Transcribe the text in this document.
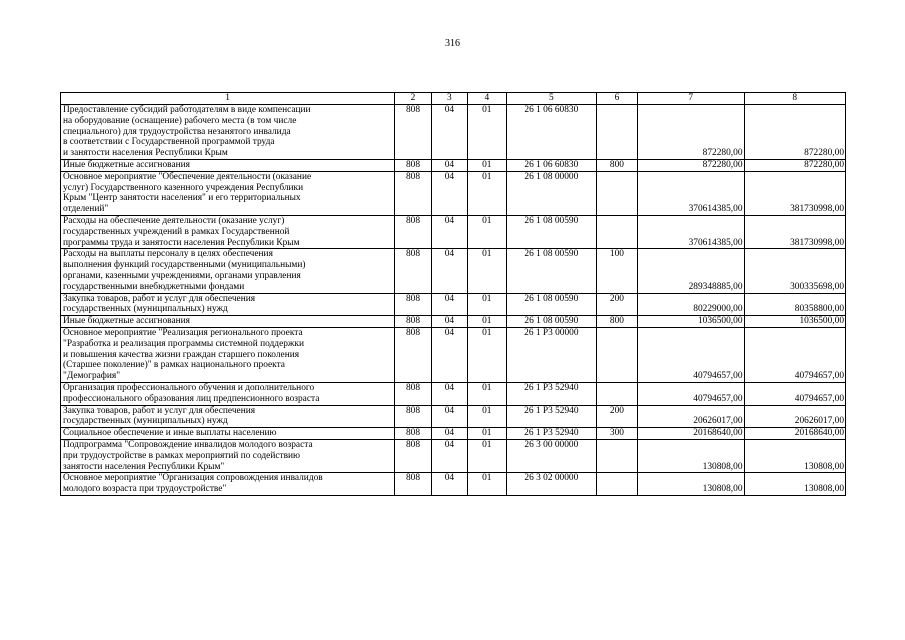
316
1	2	3	4	5	6	7	8
Предоставление субсидий работодателям в виде компенсации
на оборудование (оснащение) рабочего места (в том числе
специального) для трудоустройства незанятого инвалида
в соответствии с Государственной программой труда
и занятости населения Республики Крым	808	04	01	26 1 06 60830		872280,00	872280,00
Иные бюджетные ассигнования	808	04	01	26 1 06 60830	800	872280,00	872280,00
Основное мероприятие "Обеспечение деятельности (оказание
услуг) Государственного казенного учреждения Республики
Крым "Центр занятости населения" и его территориальных
отделений"	808	04	01	26 1 08 00000		370614385,00	381730998,00
Расходы на обеспечение деятельности (оказание услуг)
государственных учреждений в рамках Государственной
программы труда и занятости населения Республики Крым	808	04	01	26 1 08 00590		370614385,00	381730998,00
Расходы на выплаты персоналу в целях обеспечения
выполнения функций государственными (муниципальными)
органами, казенными учреждениями, органами управления
государственными внебюджетными фондами	808	04	01	26 1 08 00590	100	289348885,00	300335698,00
Закупка товаров, работ и услуг для обеспечения
государственных (муниципальных) нужд	808	04	01	26 1 08 00590	200	80229000,00	80358800,00
Иные бюджетные ассигнования	808	04	01	26 1 08 00590	800	1036500,00	1036500,00
Основное мероприятие "Реализация регионального проекта
"Разработка и реализация программы системной поддержки
и повышения качества жизни граждан старшего поколения
(Старшее поколение)" в рамках национального проекта
"Демография"	808	04	01	26 1 P3 00000		40794657,00	40794657,00
Организация профессионального обучения и дополнительного
профессионального образования лиц предпенсионного возраста	808	04	01	26 1 P3 52940		40794657,00	40794657,00
Закупка товаров, работ и услуг для обеспечения
государственных (муниципальных) нужд	808	04	01	26 1 P3 52940	200	20626017,00	20626017,00
Социальное обеспечение и иные выплаты населению	808	04	01	26 1 P3 52940	300	20168640,00	20168640,00
Подпрограмма "Сопровождение инвалидов молодого возраста
при трудоустройстве в рамках мероприятий по содействию
занятости населения Республики Крым"	808	04	01	26 3 00 00000		130808,00	130808,00
Основное мероприятие "Организация сопровождения инвалидов
молодого возраста при трудоустройстве"	808	04	01	26 3 02 00000		130808,00	130808,00
